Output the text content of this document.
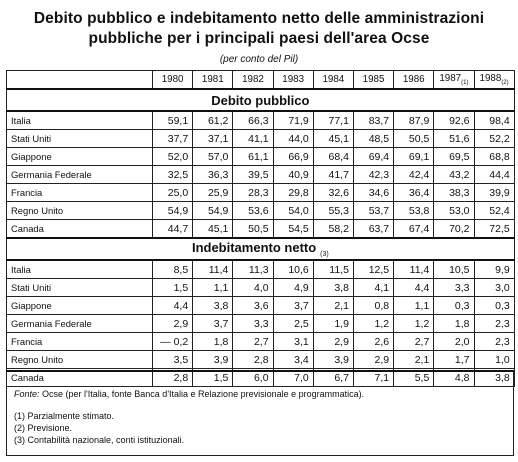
Debito pubblico e indebitamento netto delle amministrazioni
pubbliche per i principali paesi dell'area Ocse
(per conto del Pil)
	1980	1981	1982	1983	1984	1985	1986	1987$^{(1)}$	1988$^{(2)}$
Debito pubblico									
Italia	59,1	61,2	66,3	71,9	77,1	83,7	87,9	92,6	98,4
Stati Uniti	37,7	37,1	41,1	44,0	45,1	48,5	50,5	51,6	52,2
Giappone	52,0	57,0	61,1	66,9	68,4	69,4	69,1	69,5	68,8
Germania Federale	32,5	36,3	39,5	40,9	41,7	42,3	42,4	43,2	44,4
Francia	25,0	25,9	28,3	29,8	32,6	34,6	36,4	38,3	39,9
Regno Unito	54,9	54,9	53,6	54,0	55,3	53,7	53,8	53,0	52,4
Canada	44,7	45,1	50,5	54,5	58,2	63,7	67,4	70,2	72,5
Indebitamento netto $^{(3)}$
Italia	8,5	11,4	11,3	10,6	11,5	12,5	11,4	10,5	9,9
Stati Uniti	1,5	1,1	4,0	4,9	3,8	4,1	4,4	3,3	3,0
Giappone	4,4	3,8	3,6	3,7	2,1	0,8	1,1	0,3	0,3
Germania Federale	2,9	3,7	3,3	2,5	1,9	1,2	1,2	1,8	2,3
Francia	— 0,2	1,8	2,7	3,1	2,9	2,6	2,7	2,0	2,3
Regno Unito	3,5	3,9	2,8	3,4	3,9	2,9	2,1	1,7	1,0
Canada	2,8	1,5	6,0	7,0	6,7	7,1	5,5	4,8	3,8
Fonte: Ocse (per l'Italia, fonte Banca d'Italia e Relazione previsionale e programmatica).
(1) Parzialmente stimato.
(2) Previsione.
(3) Contabilità nazionale, conti istituzionali.
